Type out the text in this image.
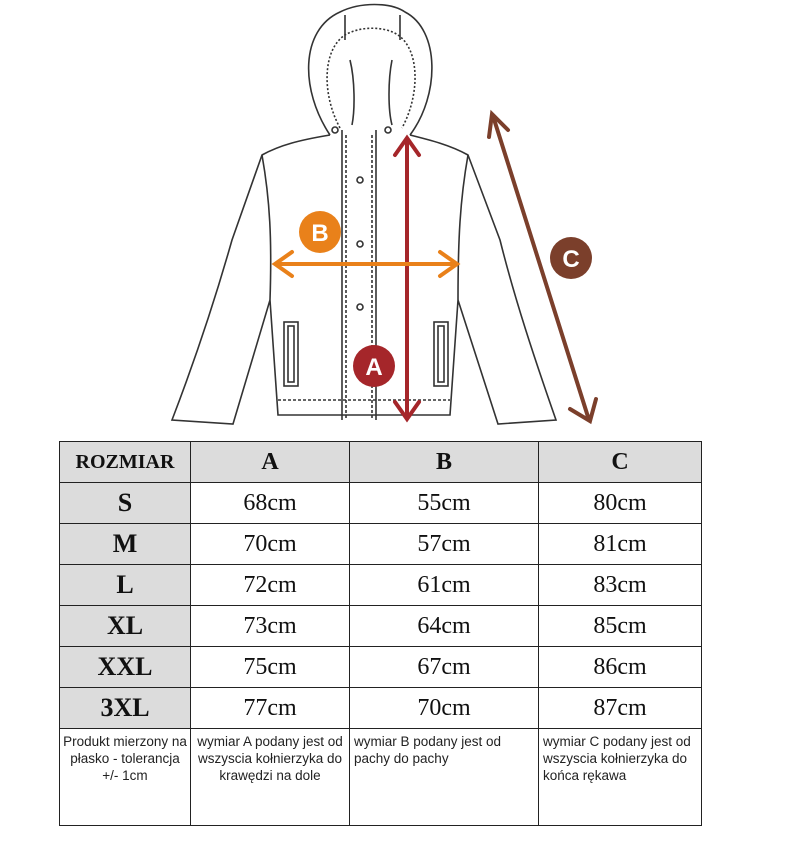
A
B
C
ROZMIAR	A	B	C
S	68cm	55cm	80cm
M	70cm	57cm	81cm
L	72cm	61cm	83cm
XL	73cm	64cm	85cm
XXL	75cm	67cm	86cm
3XL	77cm	70cm	87cm
Produkt mierzony na płasko - tolerancja +/- 1cm	wymiar A podany jest od wszyscia kołnierzyka do krawędzi na dole	wymiar B podany jest od pachy do pachy	wymiar C podany jest od wszyscia kołnierzyka do końca rękawa
